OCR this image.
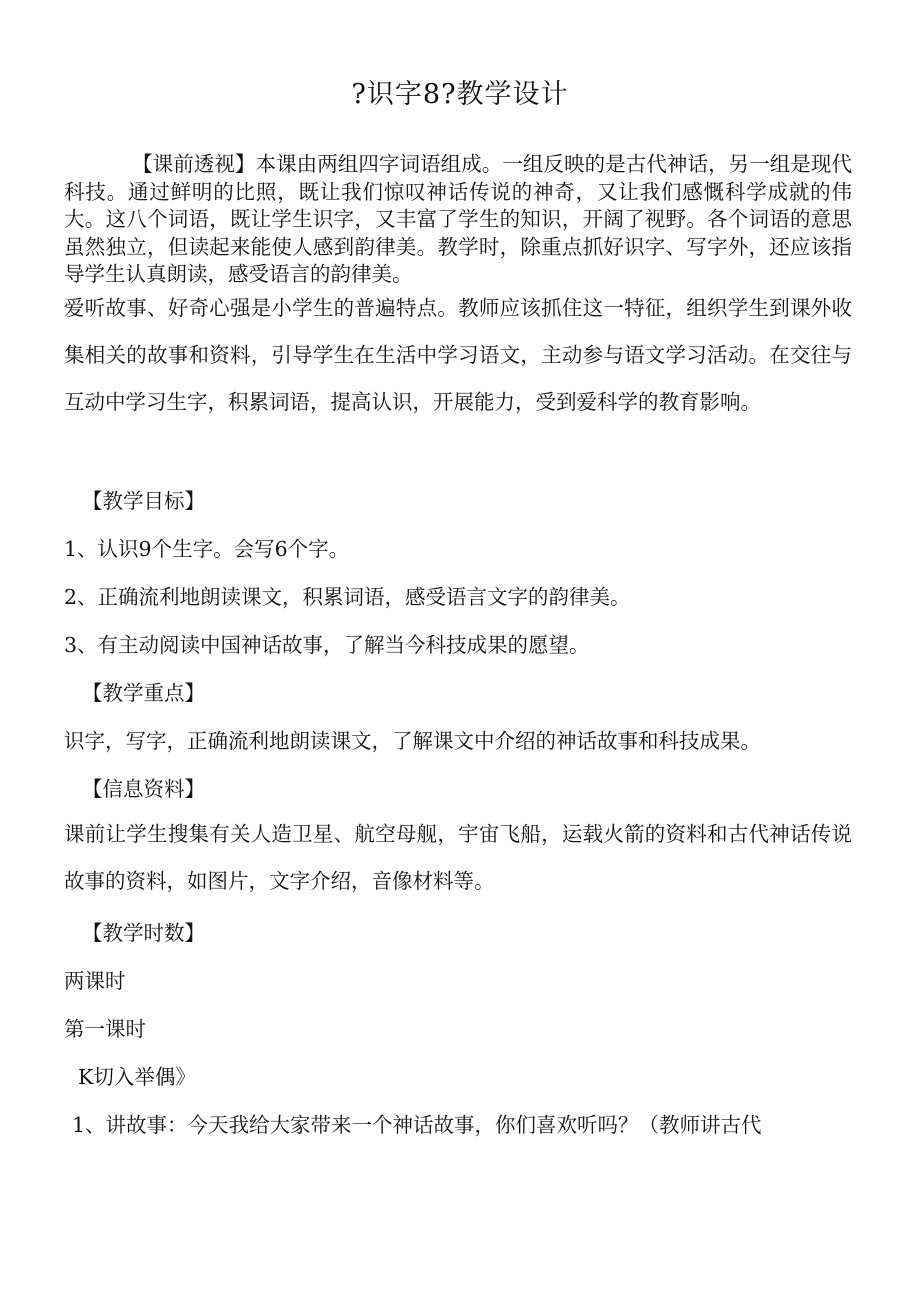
?识字8?教学设计

【课前透视】本课由两组四字词语组成。一组反映的是古代神话，另一组是现代科技。通过鲜明的比照，既让我们惊叹神话传说的神奇，又让我们感慨科学成就的伟大。这八个词语，既让学生识字，又丰富了学生的知识，开阔了视野。各个词语的意思虽然独立，但读起来能使人感到韵律美。教学时，除重点抓好识字、写字外，还应该指导学生认真朗读，感受语言的韵律美。

爱听故事、好奇心强是小学生的普遍特点。教师应该抓住这一特征，组织学生到课外收集相关的故事和资料，引导学生在生活中学习语文，主动参与语文学习活动。在交往与互动中学习生字，积累词语，提高认识，开展能力，受到爱科学的教育影响。

【教学目标】

1、认识9个生字。会写6个字。

2、正确流利地朗读课文，积累词语，感受语言文字的韵律美。

3、有主动阅读中国神话故事，了解当今科技成果的愿望。

【教学重点】

识字，写字，正确流利地朗读课文，了解课文中介绍的神话故事和科技成果。

【信息资料】

课前让学生搜集有关人造卫星、航空母舰，宇宙飞船，运载火箭的资料和古代神话传说故事的资料，如图片，文字介绍，音像材料等。

【教学时数】

两课时

第一课时

K切入举偶》

1、讲故事：今天我给大家带来一个神话故事，你们喜欢听吗？（教师讲古代
